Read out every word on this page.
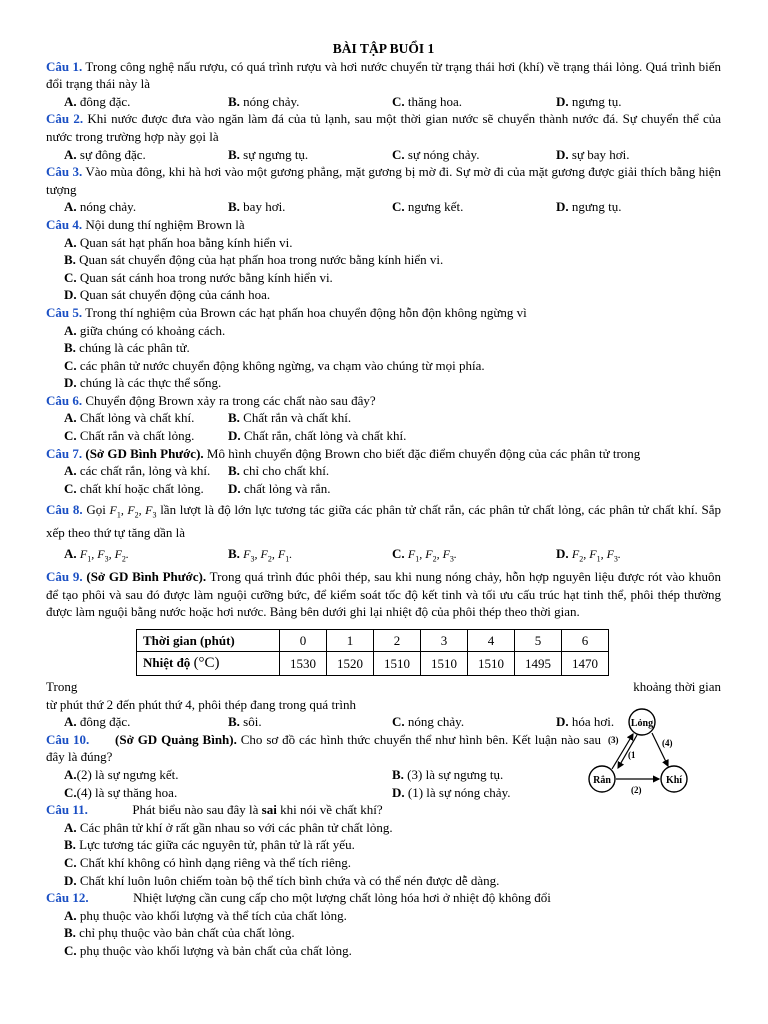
BÀI TẬP BUỔI 1
Câu 1. Trong công nghệ nấu rượu, có quá trình rượu và hơi nước chuyển từ trạng thái hơi (khí) về trạng thái lỏng. Quá trình biến đổi trạng thái này là
A. đông đặc.	B. nóng chảy.	C. thăng hoa.	D. ngưng tụ.
Câu 2. Khi nước được đưa vào ngăn làm đá của tủ lạnh, sau một thời gian nước sẽ chuyển thành nước đá. Sự chuyển thể của nước trong trường hợp này gọi là
A. sự đông đặc.	B. sự ngưng tụ.	C. sự nóng chảy.	D. sự bay hơi.
Câu 3. Vào mùa đông, khi hà hơi vào một gương phẳng, mặt gương bị mờ đi. Sự mờ đi của mặt gương được giải thích bằng hiện tượng
A. nóng chảy.	B. bay hơi.	C. ngưng kết.	D. ngưng tụ.
Câu 4. Nội dung thí nghiệm Brown là
A. Quan sát hạt phấn hoa bằng kính hiển vi.
B. Quan sát chuyển động của hạt phấn hoa trong nước bằng kính hiển vi.
C. Quan sát cánh hoa trong nước bằng kính hiển vi.
D. Quan sát chuyển động của cánh hoa.
Câu 5. Trong thí nghiệm của Brown các hạt phấn hoa chuyển động hỗn độn không ngừng vì
A. giữa chúng có khoảng cách.
B. chúng là các phân tử.
C. các phân tử nước chuyển động không ngừng, va chạm vào chúng từ mọi phía.
D. chúng là các thực thể sống.
Câu 6. Chuyển động Brown xảy ra trong các chất nào sau đây?
A. Chất lỏng và chất khí.	B. Chất rắn và chất khí.
C. Chất rắn và chất lỏng.	D. Chất rắn, chất lỏng và chất khí.
Câu 7. (Sở GD Bình Phước). Mô hình chuyển động Brown cho biết đặc điểm chuyển động của các phân tử trong
A. các chất rắn, lỏng và khí.	B. chỉ cho chất khí.
C. chất khí hoặc chất lỏng.	D. chất lỏng và rắn.
Câu 8. Gọi $F_1$, $F_2$, $F_3$ lần lượt là độ lớn lực tương tác giữa các phân tử chất rắn, các phân tử chất lỏng, các phân tử chất khí. Sắp xếp theo thứ tự tăng dần là
A. $F_1$, $F_3$, $F_2$.	B. $F_3$, $F_2$, $F_1$.	C. $F_1$, $F_2$, $F_3$.	D. $F_2$, $F_1$, $F_3$.
Câu 9. (Sở GD Bình Phước). Trong quá trình đúc phôi thép, sau khi nung nóng chảy, hỗn hợp nguyên liệu được rót vào khuôn để tạo phôi và sau đó được làm nguội cưỡng bức, để kiểm soát tốc độ kết tinh và tối ưu cấu trúc hạt tinh thể, phôi thép thường được làm nguội bằng nước hoặc hơi nước. Bảng bên dưới ghi lại nhiệt độ của phôi thép theo thời gian.
Thời gian (phút)	0	1	2	3	4	5	6
Nhiệt độ (°C)	1530	1520	1510	1510	1510	1495	1470
Trong	khoảng thời gian
từ phút thứ 2 đến phút thứ 4, phôi thép đang trong quá trình
A. đông đặc.	B. sôi.	C. nóng chảy.	D. hóa hơi.
Câu 10. (Sở GD Quảng Bình). Cho sơ đồ các hình thức chuyển thể như hình bên. Kết luận nào sau đây là đúng?
A.(2) là sự ngưng kết.	B. (3) là sự ngưng tụ.
C.(4) là sự thăng hoa.	D. (1) là sự nóng chảy.
Câu 11.	Phát biểu nào sau đây là sai khi nói về chất khí?
A. Các phân tử khí ở rất gần nhau so với các phân tử chất lỏng.
B. Lực tương tác giữa các nguyên tử, phân tử là rất yếu.
C. Chất khí không có hình dạng riêng và thể tích riêng.
D. Chất khí luôn luôn chiếm toàn bộ thể tích bình chứa và có thể nén được dễ dàng.
Câu 12.	Nhiệt lượng cần cung cấp cho một lượng chất lỏng hóa hơi ở nhiệt độ không đổi
A. phụ thuộc vào khối lượng và thể tích của chất lỏng.
B. chỉ phụ thuộc vào bản chất của chất lỏng.
C. phụ thuộc vào khối lượng và bản chất của chất lỏng.
Lỏng
Rắn	Khí
(3)
(1
(4)
(2)
